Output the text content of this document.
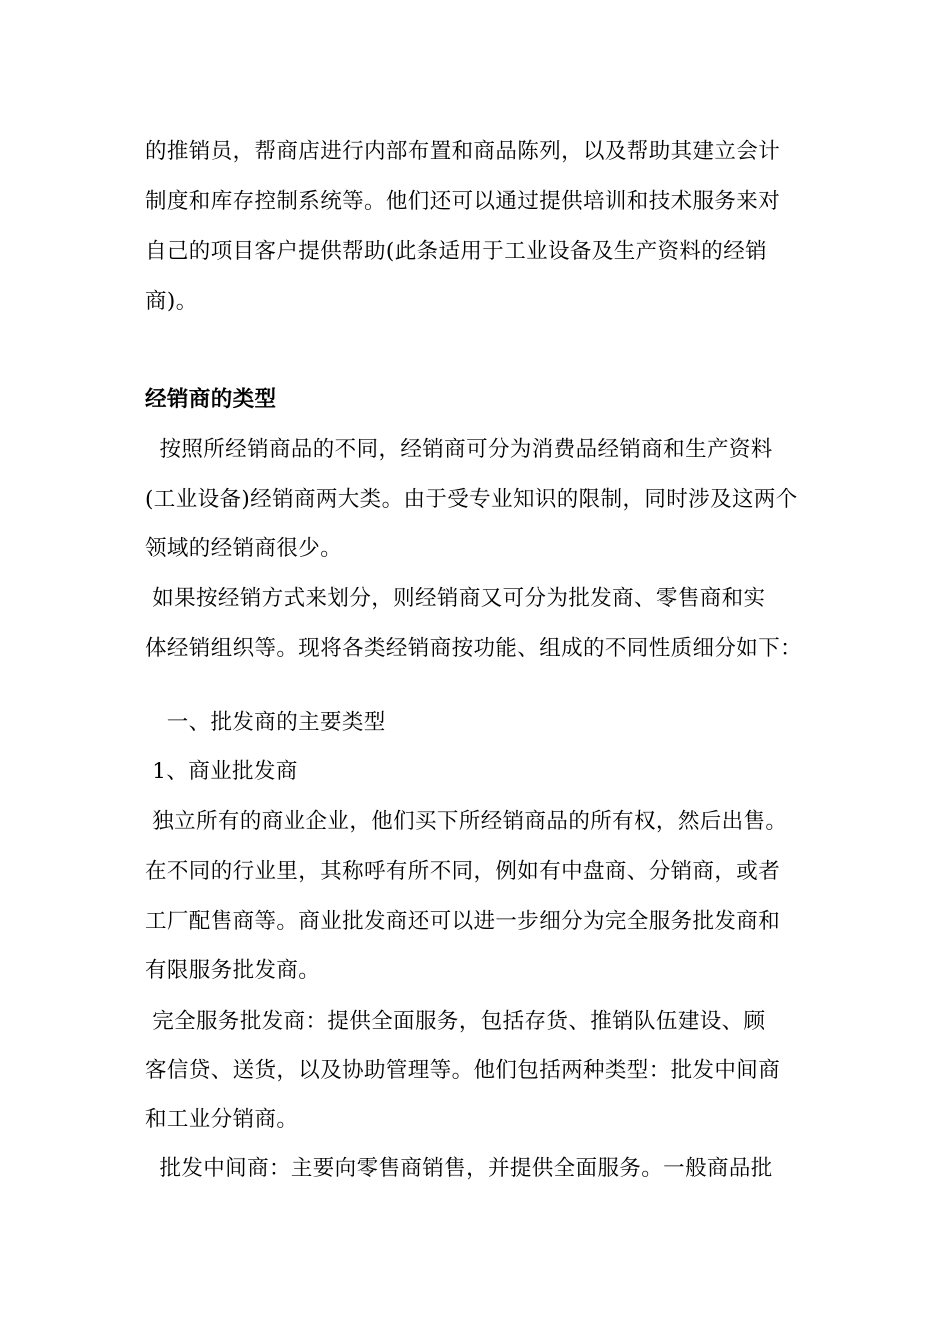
的推销员，帮商店进行内部布置和商品陈列，以及帮助其建立会计
制度和库存控制系统等。他们还可以通过提供培训和技术服务来对
自己的项目客户提供帮助(此条适用于工业设备及生产资料的经销
商)。
经销商的类型
按照所经销商品的不同，经销商可分为消费品经销商和生产资料
(工业设备)经销商两大类。由于受专业知识的限制，同时涉及这两个
领域的经销商很少。
如果按经销方式来划分，则经销商又可分为批发商、零售商和实
体经销组织等。现将各类经销商按功能、组成的不同性质细分如下：
一、批发商的主要类型
1、商业批发商
独立所有的商业企业，他们买下所经销商品的所有权，然后出售。
在不同的行业里，其称呼有所不同，例如有中盘商、分销商，或者
工厂配售商等。商业批发商还可以进一步细分为完全服务批发商和
有限服务批发商。
完全服务批发商：提供全面服务，包括存货、推销队伍建设、顾
客信贷、送货，以及协助管理等。他们包括两种类型：批发中间商
和工业分销商。
批发中间商：主要向零售商销售，并提供全面服务。一般商品批
